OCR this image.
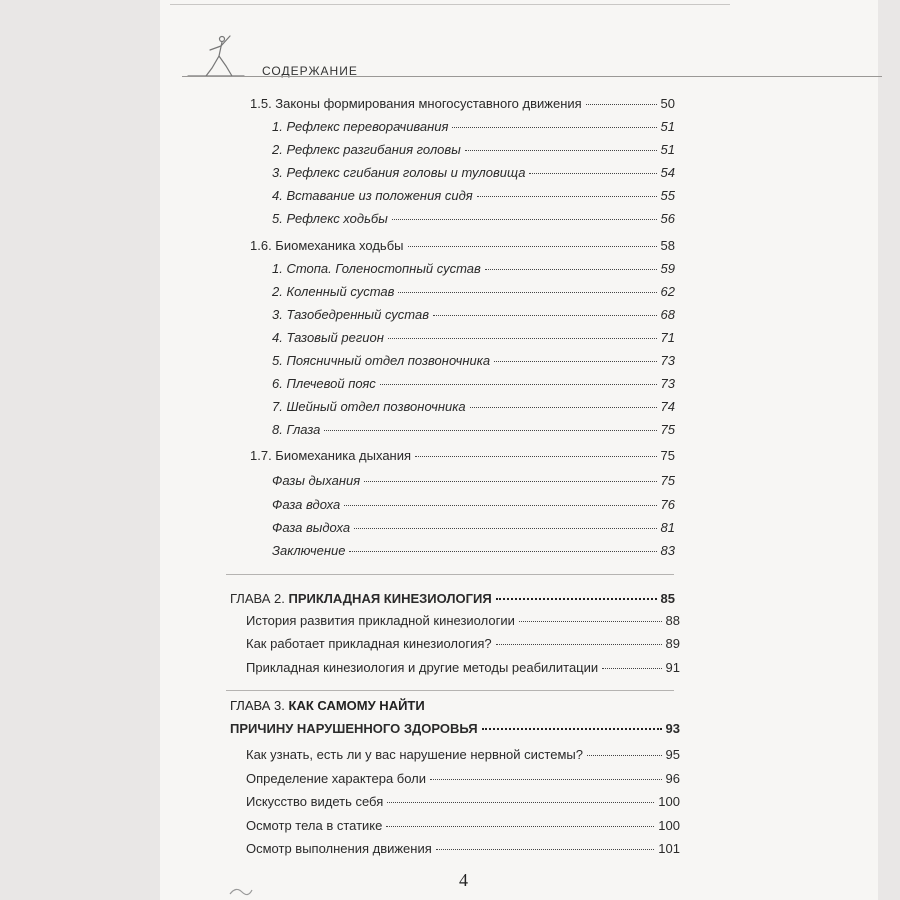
СОДЕРЖАНИЕ
1.5. Законы формирования многосуставного движения	50
1. Рефлекс переворачивания	51
2. Рефлекс разгибания головы	51
3. Рефлекс сгибания головы и туловища	54
4. Вставание из положения сидя	55
5. Рефлекс ходьбы	56
1.6. Биомеханика ходьбы	58
1. Стопа. Голеностопный сустав	59
2. Коленный сустав	62
3. Тазобедренный сустав	68
4. Тазовый регион	71
5. Поясничный отдел позвоночника	73
6. Плечевой пояс	73
7. Шейный отдел позвоночника	74
8. Глаза	75
1.7. Биомеханика дыхания	75
Фазы дыхания	75
Фаза вдоха	76
Фаза выдоха	81
Заключение	83
ГЛАВА 2. ПРИКЛАДНАЯ КИНЕЗИОЛОГИЯ	85
История развития прикладной кинезиологии	88
Как работает прикладная кинезиология?	89
Прикладная кинезиология и другие методы реабилитации	91
ГЛАВА 3. КАК САМОМУ НАЙТИ
ПРИЧИНУ НАРУШЕННОГО ЗДОРОВЬЯ	93
Как узнать, есть ли у вас нарушение нервной системы?	95
Определение характера боли	96
Искусство видеть себя	100
Осмотр тела в статике	100
Осмотр выполнения движения	101
4
